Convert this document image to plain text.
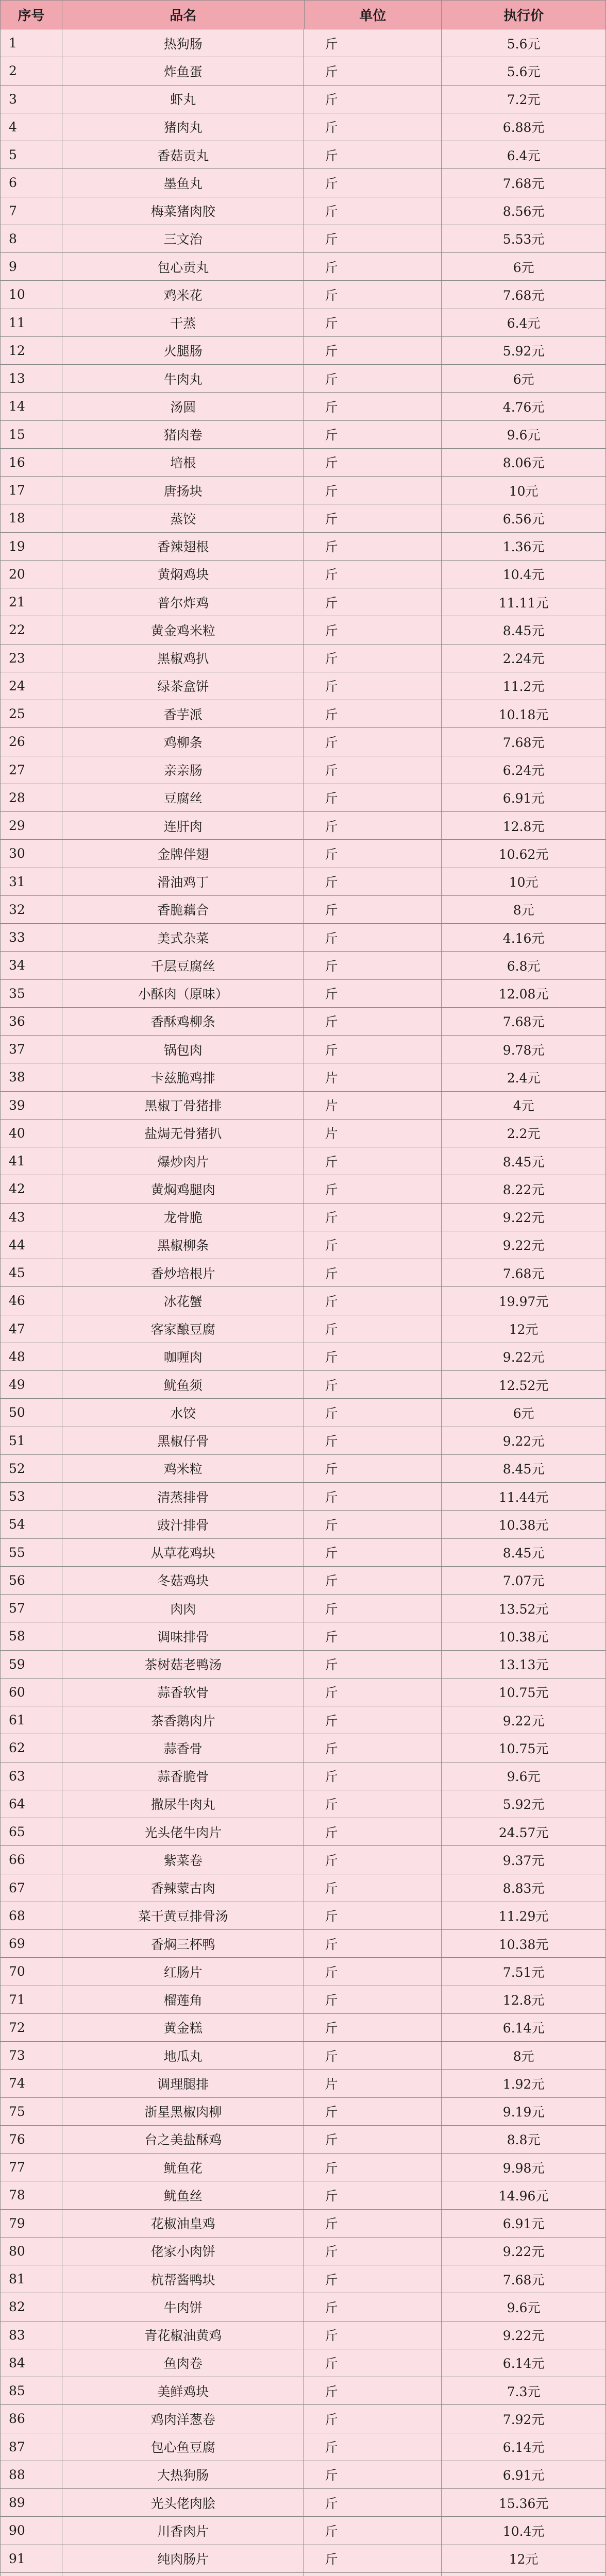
序号	品名	单位	执行价
1	热狗肠	斤	5.6元
2	炸鱼蛋	斤	5.6元
3	虾丸	斤	7.2元
4	猪肉丸	斤	6.88元
5	香菇贡丸	斤	6.4元
6	墨鱼丸	斤	7.68元
7	梅菜猪肉胶	斤	8.56元
8	三文治	斤	5.53元
9	包心贡丸	斤	6元
10	鸡米花	斤	7.68元
11	干蒸	斤	6.4元
12	火腿肠	斤	5.92元
13	牛肉丸	斤	6元
14	汤圆	斤	4.76元
15	猪肉卷	斤	9.6元
16	培根	斤	8.06元
17	唐扬块	斤	10元
18	蒸饺	斤	6.56元
19	香辣翅根	斤	1.36元
20	黄焖鸡块	斤	10.4元
21	普尔炸鸡	斤	11.11元
22	黄金鸡米粒	斤	8.45元
23	黑椒鸡扒	斤	2.24元
24	绿茶盒饼	斤	11.2元
25	香芋派	斤	10.18元
26	鸡柳条	斤	7.68元
27	亲亲肠	斤	6.24元
28	豆腐丝	斤	6.91元
29	连肝肉	斤	12.8元
30	金牌伴翅	斤	10.62元
31	滑油鸡丁	斤	10元
32	香脆藕合	斤	8元
33	美式杂菜	斤	4.16元
34	千层豆腐丝	斤	6.8元
35	小酥肉（原味）	斤	12.08元
36	香酥鸡柳条	斤	7.68元
37	锅包肉	斤	9.78元
38	卡兹脆鸡排	片	2.4元
39	黑椒丁骨猪排	片	4元
40	盐焗无骨猪扒	片	2.2元
41	爆炒肉片	斤	8.45元
42	黄焖鸡腿肉	斤	8.22元
43	龙骨脆	斤	9.22元
44	黑椒柳条	斤	9.22元
45	香炒培根片	斤	7.68元
46	冰花蟹	斤	19.97元
47	客家酿豆腐	斤	12元
48	咖喱肉	斤	9.22元
49	鱿鱼须	斤	12.52元
50	水饺	斤	6元
51	黑椒仔骨	斤	9.22元
52	鸡米粒	斤	8.45元
53	清蒸排骨	斤	11.44元
54	豉汁排骨	斤	10.38元
55	从草花鸡块	斤	8.45元
56	冬菇鸡块	斤	7.07元
57	肉肉	斤	13.52元
58	调味排骨	斤	10.38元
59	茶树菇老鸭汤	斤	13.13元
60	蒜香软骨	斤	10.75元
61	茶香鹅肉片	斤	9.22元
62	蒜香骨	斤	10.75元
63	蒜香脆骨	斤	9.6元
64	撒尿牛肉丸	斤	5.92元
65	光头佬牛肉片	斤	24.57元
66	紫菜卷	斤	9.37元
67	香辣蒙古肉	斤	8.83元
68	菜干黄豆排骨汤	斤	11.29元
69	香焖三杯鸭	斤	10.38元
70	红肠片	斤	7.51元
71	榴莲角	斤	12.8元
72	黄金糕	斤	6.14元
73	地瓜丸	斤	8元
74	调理腿排	片	1.92元
75	浙星黑椒肉柳	斤	9.19元
76	台之美盐酥鸡	斤	8.8元
77	鱿鱼花	斤	9.98元
78	鱿鱼丝	斤	14.96元
79	花椒油皇鸡	斤	6.91元
80	佬家小肉饼	斤	9.22元
81	杭帮酱鸭块	斤	7.68元
82	牛肉饼	斤	9.6元
83	青花椒油黄鸡	斤	9.22元
84	鱼肉卷	斤	6.14元
85	美鲜鸡块	斤	7.3元
86	鸡肉洋葱卷	斤	7.92元
87	包心鱼豆腐	斤	6.14元
88	大热狗肠	斤	6.91元
89	光头佬肉脍	斤	15.36元
90	川香肉片	斤	10.4元
91	纯肉肠片	斤	12元
